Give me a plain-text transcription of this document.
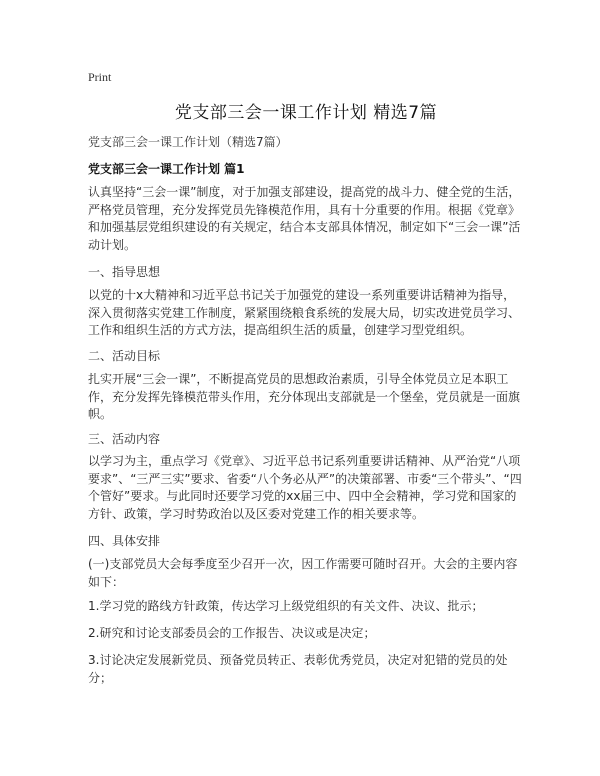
Print
党支部三会一课工作计划 精选7篇
党支部三会一课工作计划（精选7篇）
党支部三会一课工作计划 篇1
认真坚持“三会一课”制度，对于加强支部建设，提高党的战斗力、健全党的生活，严格党员管理，充分发挥党员先锋模范作用，具有十分重要的作用。根据《党章》和加强基层党组织建设的有关规定，结合本支部具体情况，制定如下“三会一课”活动计划。
一、指导思想
以党的十x大精神和习近平总书记关于加强党的建设一系列重要讲话精神为指导，深入贯彻落实党建工作制度，紧紧围绕粮食系统的发展大局，切实改进党员学习、工作和组织生活的方式方法，提高组织生活的质量，创建学习型党组织。
二、活动目标
扎实开展“三会一课”，不断提高党员的思想政治素质，引导全体党员立足本职工作，充分发挥先锋模范带头作用，充分体现出支部就是一个堡垒，党员就是一面旗帜。
三、活动内容
以学习为主，重点学习《党章》、习近平总书记系列重要讲话精神、从严治党“八项要求”、“三严三实”要求、省委“八个务必从严”的决策部署、市委“三个带头”、“四个管好”要求。与此同时还要学习党的xx届三中、四中全会精神，学习党和国家的方针、政策，学习时势政治以及区委对党建工作的相关要求等。
四、具体安排
(一)支部党员大会每季度至少召开一次，因工作需要可随时召开。大会的主要内容如下：
1.学习党的路线方针政策，传达学习上级党组织的有关文件、决议、批示；
2.研究和讨论支部委员会的工作报告、决议或是决定；
3.讨论决定发展新党员、预备党员转正、表彰优秀党员，决定对犯错的党员的处分；
